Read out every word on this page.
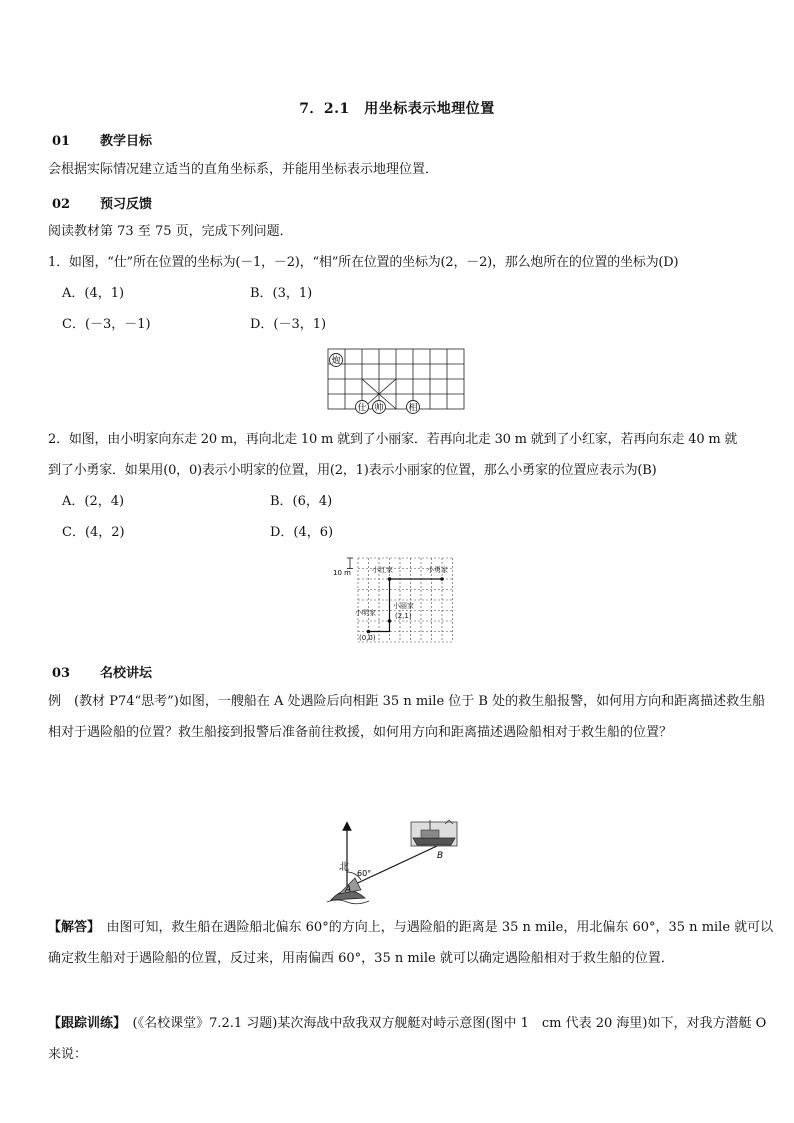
7．2.1　用坐标表示地理位置
01 教学目标
会根据实际情况建立适当的直角坐标系，并能用坐标表示地理位置．
02 预习反馈
阅读教材第 73 至 75 页，完成下列问题．
1．如图，“仕”所在位置的坐标为(－1，－2)，“相”所在位置的坐标为(2，－2)，那么炮所在的位置的坐标为(D)
A．(4，1)	B．(3，1)
C．(－3，－1)	D．(－3，1)
炮
仕 帅	相
2．如图，由小明家向东走 20 m，再向北走 10 m 就到了小丽家．若再向北走 30 m 就到了小红家，若再向东走 40 m 就
到了小勇家．如果用(0，0)表示小明家的位置，用(2，1)表示小丽家的位置，那么小勇家的位置应表示为(B)
A．(2，4)	B．(6，4)
C．(4，2)	D．(4，6)
10 m	小红家	小勇家
小丽家
(2,1)
小明家
(0,0)
03 名校讲坛
例　(教材 P74“思考”)如图，一艘船在 A 处遇险后向相距 35 n mile 位于 B 处的救生船报警，如何用方向和距离描述救生船相对于遇险船的位置？救生船接到报警后准备前往救援，如何用方向和距离描述遇险船相对于救生船的位置？
北
60°
A
B
【解答】　由图可知，救生船在遇险船北偏东 60°的方向上，与遇险船的距离是 35 n mile，用北偏东 60°，35 n mile 就可以确定救生船对于遇险船的位置，反过来，用南偏西 60°，35 n mile 就可以确定遇险船相对于救生船的位置．
【跟踪训练】　(《名校课堂》7.2.1 习题)某次海战中敌我双方舰艇对峙示意图(图中 1　cm 代表 20 海里)如下，对我方潜艇 O 来说：
